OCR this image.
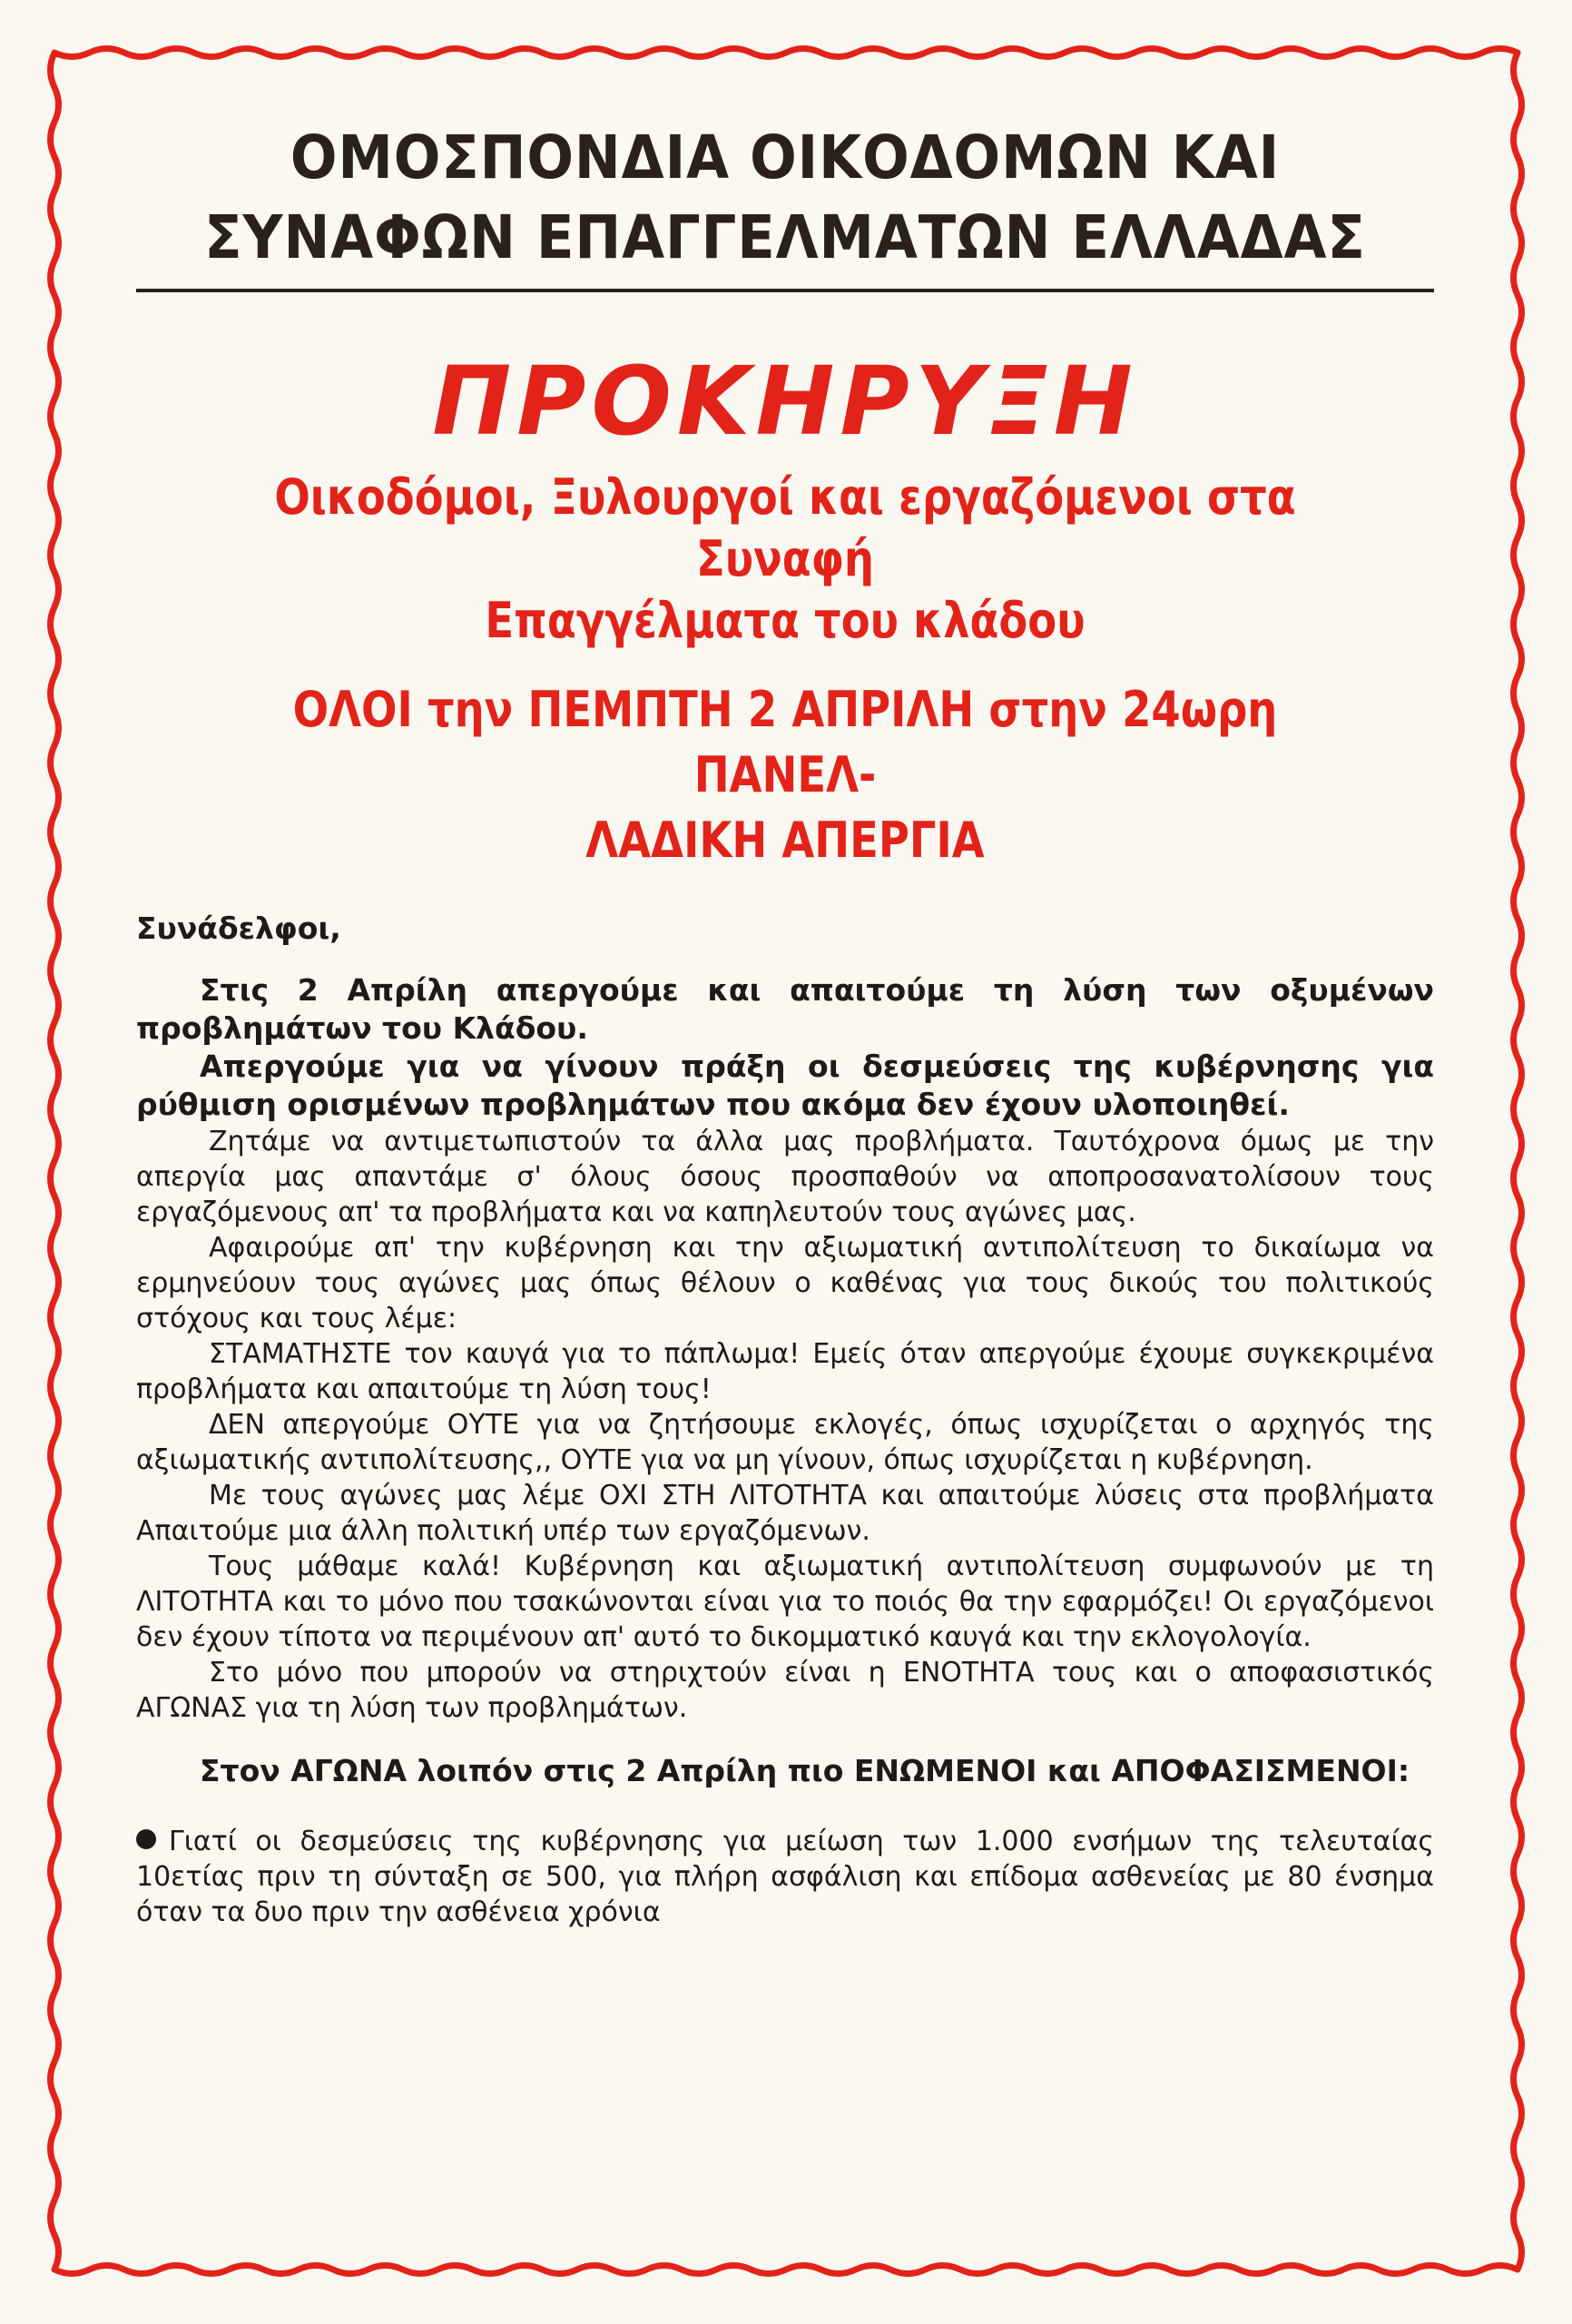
ΟΜΟΣΠΟΝΔΙΑ ΟΙΚΟΔΟΜΩΝ ΚΑΙ
ΣΥΝΑΦΩΝ ΕΠΑΓΓΕΛΜΑΤΩΝ ΕΛΛΑΔΑΣ
ΠΡΟΚΗΡΥΞΗ
Οικοδόμοι, Ξυλουργοί και εργαζόμενοι στα Συναφή
Επαγγέλματα του κλάδου
ΟΛΟΙ την ΠΕΜΠΤΗ 2 ΑΠΡΙΛΗ στην 24ωρη ΠΑΝΕΛ-
ΛΑΔΙΚΗ ΑΠΕΡΓΙΑ
Συνάδελφοι,

Στις 2 Απρίλη απεργούμε και απαιτούμε τη λύση των οξυμένων προβλημάτων του Κλάδου.

Απεργούμε για να γίνουν πράξη οι δεσμεύσεις της κυβέρνησης για ρύθμιση ορισμένων προβλημάτων που ακόμα δεν έχουν υλοποιηθεί.

Ζητάμε να αντιμετωπιστούν τα άλλα μας προβλήματα. Ταυτόχρονα όμως με την απεργία μας απαντάμε σ' όλους όσους προσπαθούν να αποπροσανατολίσουν τους εργαζόμενους απ' τα προβλήματα και να καπηλευτούν τους αγώνες μας.

Αφαιρούμε απ' την κυβέρνηση και την αξιωματική αντιπολίτευση το δικαίωμα να ερμηνεύουν τους αγώνες μας όπως θέλουν ο καθένας για τους δικούς του πολιτικούς στόχους και τους λέμε:

ΣΤΑΜΑΤΗΣΤΕ τον καυγά για το πάπλωμα! Εμείς όταν απεργούμε έχουμε συγκεκριμένα προβλήματα και απαιτούμε τη λύση τους!

ΔΕΝ απεργούμε ΟΥΤΕ για να ζητήσουμε εκλογές, όπως ισχυρίζεται ο αρχηγός της αξιωματικής αντιπολίτευσης,, ΟΥΤΕ για να μη γίνουν, όπως ισχυρίζεται η κυβέρνηση.

Με τους αγώνες μας λέμε ΟΧΙ ΣΤΗ ΛΙΤΟΤΗΤΑ και απαιτούμε λύσεις στα προβλήματα Απαιτούμε μια άλλη πολιτική υπέρ των εργαζόμενων.

Τους μάθαμε καλά! Κυβέρνηση και αξιωματική αντιπολίτευση συμφωνούν με τη ΛΙΤΟΤΗΤΑ και το μόνο που τσακώνονται είναι για το ποιός θα την εφαρμόζει! Οι εργαζόμενοι δεν έχουν τίποτα να περιμένουν απ' αυτό το δικομματικό καυγά και την εκλογολογία.

Στο μόνο που μπορούν να στηριχτούν είναι η ΕΝΟΤΗΤΑ τους και ο αποφασιστικός ΑΓΩΝΑΣ για τη λύση των προβλημάτων.

Στον ΑΓΩΝΑ λοιπόν στις 2 Απρίλη πιο ΕΝΩΜΕΝΟΙ και ΑΠΟΦΑΣΙΣΜΕΝΟΙ:
Γιατί οι δεσμεύσεις της κυβέρνησης για μείωση των 1.000 ενσήμων της τελευταίας 10ετίας πριν τη σύνταξη σε 500, για πλήρη ασφάλιση και επίδομα ασθενείας με 80 ένσημα όταν τα δυο πριν την ασθένεια χρόνια
